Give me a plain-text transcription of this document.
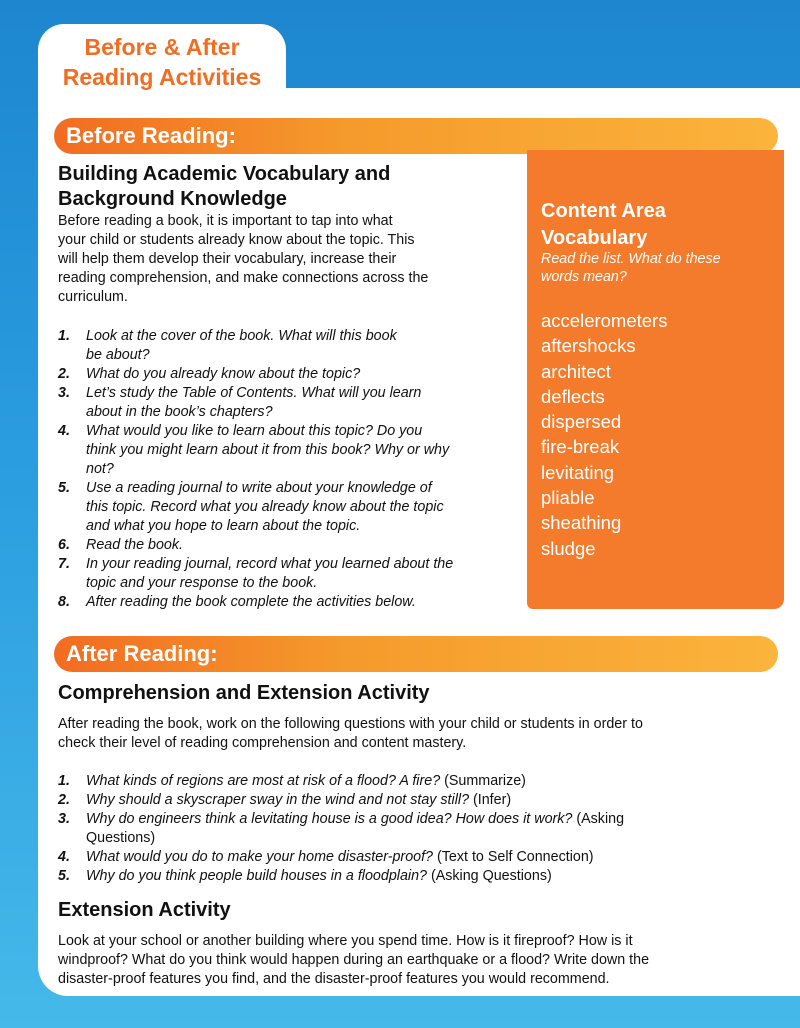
Before & After
Reading Activities
Before Reading:
Building Academic Vocabulary and
Background Knowledge

Before reading a book, it is important to tap into what
your child or students already know about the topic. This
will help them develop their vocabulary, increase their
reading comprehension, and make connections across the
curriculum.

1. Look at the cover of the book. What will this book
be about?
2. What do you already know about the topic?
3. Let’s study the Table of Contents. What will you learn
about in the book’s chapters?
4. What would you like to learn about this topic? Do you
think you might learn about it from this book? Why or why
not?
5. Use a reading journal to write about your knowledge of
this topic. Record what you already know about the topic
and what you hope to learn about the topic.
6. Read the book.
7. In your reading journal, record what you learned about the
topic and your response to the book.
8. After reading the book complete the activities below.
Content Area
Vocabulary

Read the list. What do these
words mean?

accelerometers
aftershocks
architect
deflects
dispersed
fire-break
levitating
pliable
sheathing
sludge
After Reading:
Comprehension and Extension Activity

After reading the book, work on the following questions with your child or students in order to
check their level of reading comprehension and content mastery.

1. What kinds of regions are most at risk of a flood? A fire? (Summarize)
2. Why should a skyscraper sway in the wind and not stay still? (Infer)
3. Why do engineers think a levitating house is a good idea? How does it work? (Asking
Questions)
4. What would you do to make your home disaster-proof? (Text to Self Connection)
5. Why do you think people build houses in a floodplain? (Asking Questions)
Extension Activity

Look at your school or another building where you spend time. How is it fireproof? How is it
windproof? What do you think would happen during an earthquake or a flood? Write down the
disaster-proof features you find, and the disaster-proof features you would recommend.
